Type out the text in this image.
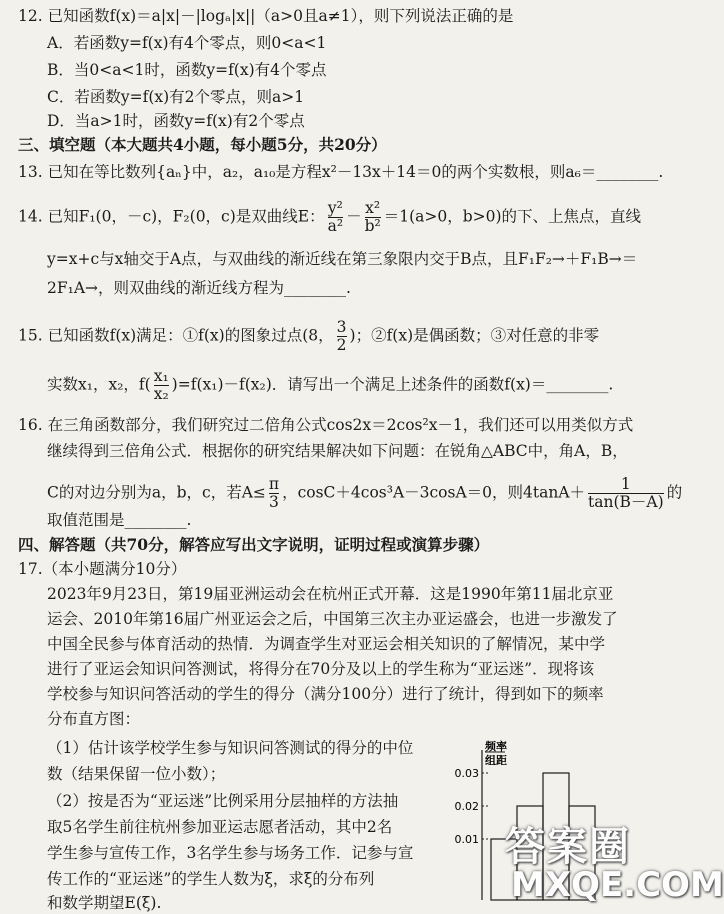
12. 已知函数f(x)＝a|x|－|logₐ|x||（a>0且a≠1），则下列说法正确的是
A．若函数y=f(x)有4个零点，则0<a<1
B．当0<a<1时，函数y=f(x)有4个零点
C．若函数y=f(x)有2个零点，则a>1
D．当a>1时，函数y=f(x)有2个零点
三、填空题（本大题共4小题，每小题5分，共20分）
13. 已知在等比数列{aₙ}中，a₂，a₁₀是方程x²－13x＋14＝0的两个实数根，则a₆＝________.
14. 已知F₁(0，－c)，F₂(0，c)是双曲线E： $\frac{\text{y²}}{\text{a²}} - \frac{\text{x²}}{\text{b²}} =1(a>0$，b>0)的下、上焦点，直线
y=x+c与x轴交于A点，与双曲线的渐近线在第三象限内交于B点，且F₁F₂→＋F₁B→＝
2F₁A→，则双曲线的渐近线方程为________.
15. 已知函数f(x)满足：①f(x)的图象过点(8， $\frac{3}{2}$ )；②f(x)是偶函数；③对任意的非零
实数x₁，x₂，$f( \frac{\text{x₁}}{\text{x₂}} )=f(x_1)-f(x_2)$．请写出一个满足上述条件的函数f(x)＝________.
16. 在三角函数部分，我们研究过二倍角公式cos2x＝2cos²x－1，我们还可以用类似方式
继续得到三倍角公式．根据你的研究结果解决如下问题：在锐角△ABC中，角A，B，
C的对边分别为a，b，c，若$A\le \frac{\pi}{3}$ ，cosC＋4cos³A－3cosA＝0，则$4\tan A+ \frac{1}{\tan(B-A)}$ 的
取值范围是________.
四、解答题（共70分，解答应写出文字说明，证明过程或演算步骤）
17.（本小题满分10分）
2023年9月23日，第19届亚洲运动会在杭州正式开幕．这是1990年第11届北京亚
运会、2010年第16届广州亚运会之后，中国第三次主办亚运盛会，也进一步激发了
中国全民参与体育活动的热情．为调查学生对亚运会相关知识的了解情况，某中学
进行了亚运会知识问答测试，将得分在70分及以上的学生称为“亚运迷”．现将该
学校参与知识问答活动的学生的得分（满分100分）进行了统计，得到如下的频率
分布直方图：
（1）估计该学校学生参与知识问答测试的得分的中位
数（结果保留一位小数）；
（2）按是否为“亚运迷”比例采用分层抽样的方法抽
取5名学生前往杭州参加亚运志愿者活动，其中2名
学生参与宣传工作，3名学生参与场务工作．记参与宣
传工作的“亚运迷”的学生人数为ξ，求ξ的分布列
和数学期望E(ξ).
频率
组距
0.01
0.02
0.03
答案圈
MXQE.COM
